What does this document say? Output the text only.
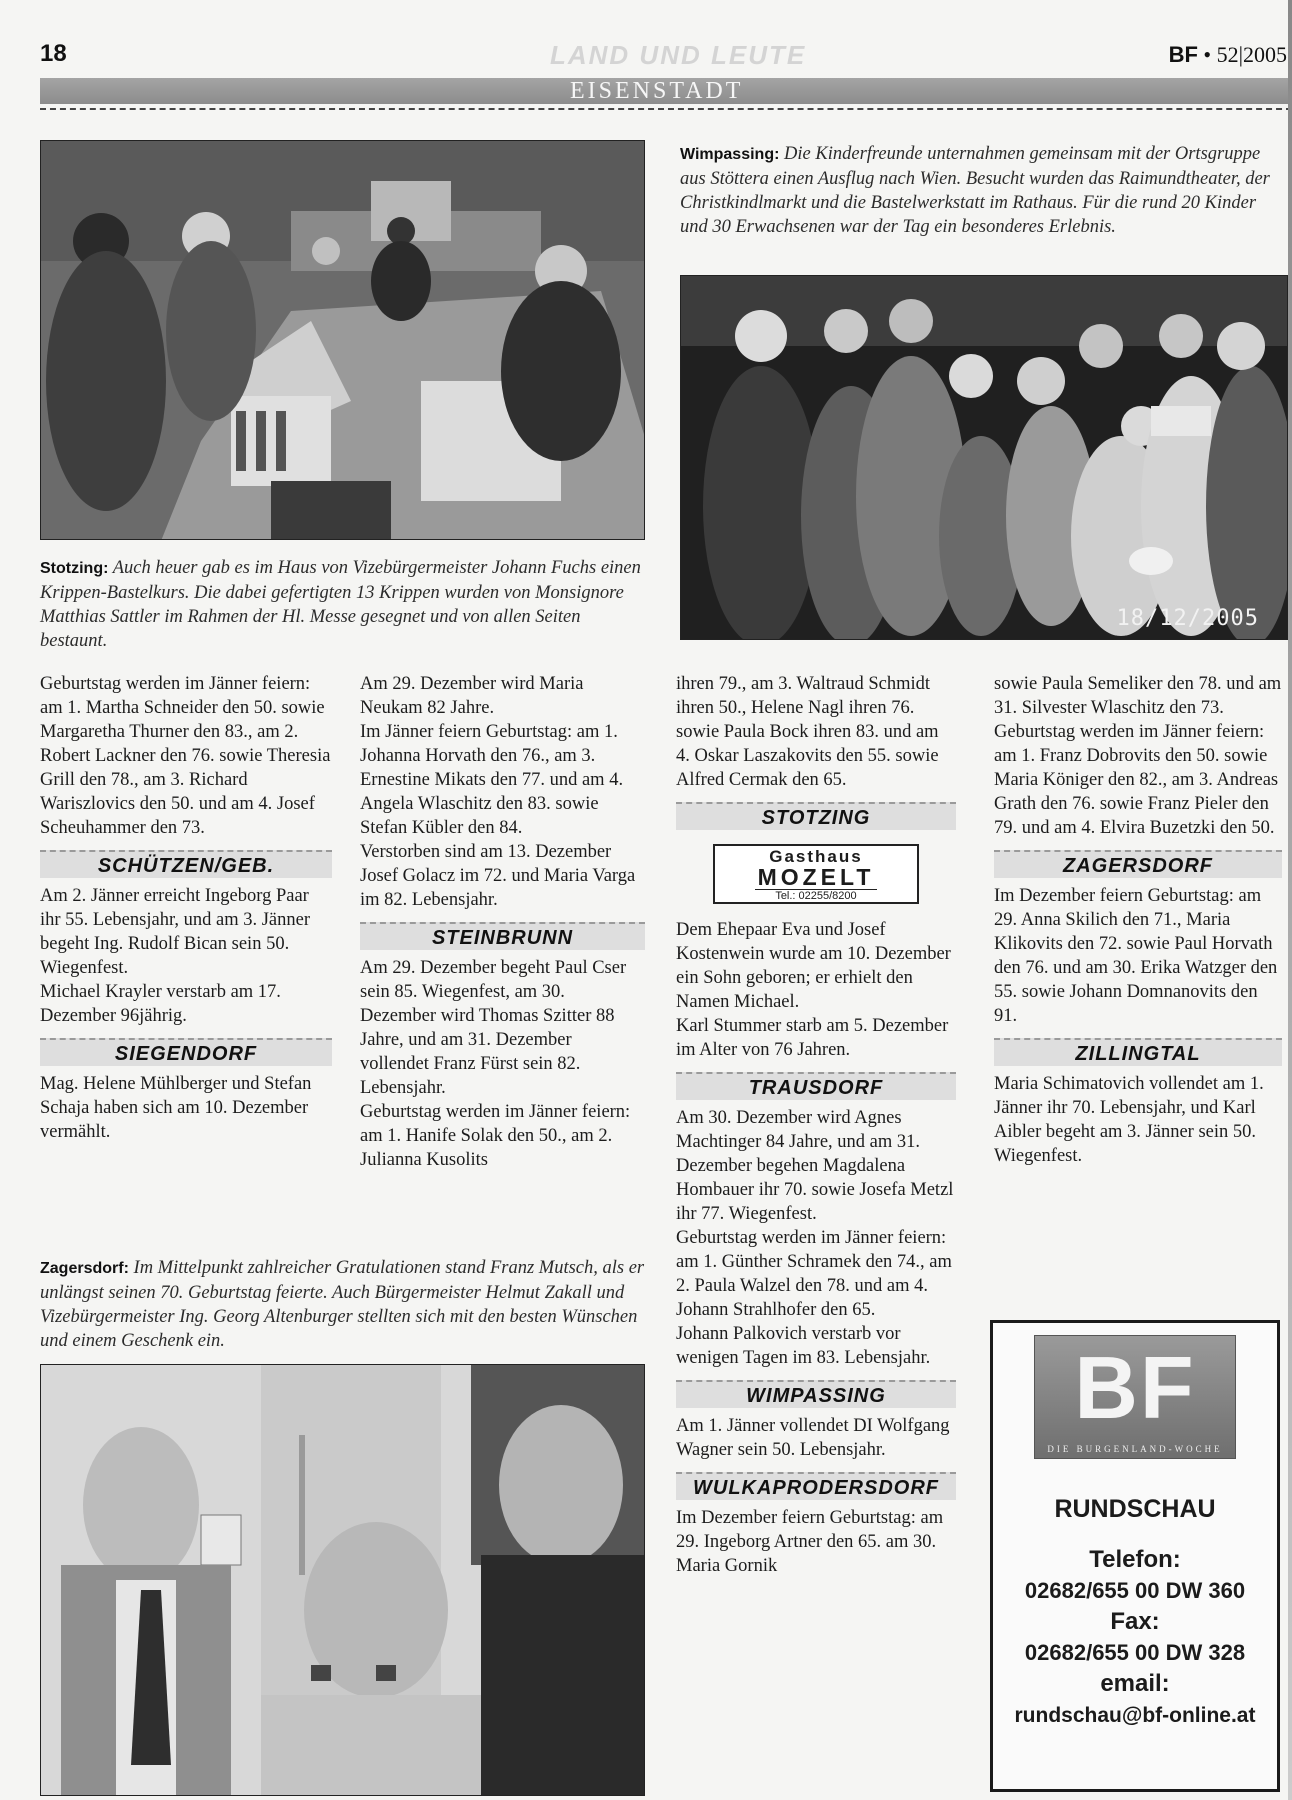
18	LAND UND LEUTE	BF • 52|2005
EISENSTADT
Wimpassing: Die Kinderfreunde unternahmen gemeinsam mit der Ortsgruppe aus Stöttera einen Ausflug nach Wien. Besucht wurden das Raimundtheater, der Christkindlmarkt und die Bastelwerkstatt im Rathaus. Für die rund 20 Kinder und 30 Erwachsenen war der Tag ein besonderes Erlebnis.
18/12/2005
Stotzing: Auch heuer gab es im Haus von Vizebürgermeister Johann Fuchs einen Krippen-Bastelkurs. Die dabei gefertigten 13 Krippen wurden von Monsignore Matthias Sattler im Rahmen der Hl. Messe gesegnet und von allen Seiten bestaunt.

Geburtstag werden im Jänner feiern: am 1. Martha Schneider den 50. sowie Margaretha Thurner den 83., am 2. Robert Lackner den 76. sowie Theresia Grill den 78., am 3. Richard Wariszlovics den 50. und am 4. Josef Scheuhammer den 73.

SCHÜTZEN/GEB.

Am 2. Jänner erreicht Ingeborg Paar ihr 55. Lebensjahr, und am 3. Jänner begeht Ing. Rudolf Bican sein 50. Wiegenfest.

Michael Krayler verstarb am 17. Dezember 96jährig.

SIEGENDORF

Mag. Helene Mühlberger und Stefan Schaja haben sich am 10. Dezember vermählt.

Am 29. Dezember wird Maria Neukam 82 Jahre.

Im Jänner feiern Geburtstag: am 1. Johanna Horvath den 76., am 3. Ernestine Mikats den 77. und am 4. Angela Wlaschitz den 83. sowie Stefan Kübler den 84.

Verstorben sind am 13. Dezember Josef Golacz im 72. und Maria Varga im 82. Lebensjahr.

STEINBRUNN

Am 29. Dezember begeht Paul Cser sein 85. Wiegenfest, am 30. Dezember wird Thomas Szitter 88 Jahre, und am 31. Dezember vollendet Franz Fürst sein 82. Lebensjahr.

Geburtstag werden im Jänner feiern: am 1. Hanife Solak den 50., am 2. Julianna Kusolits

Zagersdorf: Im Mittelpunkt zahlreicher Gratulationen stand Franz Mutsch, als er unlängst seinen 70. Geburtstag feierte. Auch Bürgermeister Helmut Zakall und Vizebürgermeister Ing. Georg Altenburger stellten sich mit den besten Wünschen und einem Geschenk ein.

ihren 79., am 3. Waltraud Schmidt ihren 50., Helene Nagl ihren 76. sowie Paula Bock ihren 83. und am 4. Oskar Laszakovits den 55. sowie Alfred Cermak den 65.

STOTZING
Gasthaus
MOZELT
Tel.: 02255/8200

Dem Ehepaar Eva und Josef Kostenwein wurde am 10. Dezember ein Sohn geboren; er erhielt den Namen Michael.

Karl Stummer starb am 5. Dezember im Alter von 76 Jahren.

TRAUSDORF

Am 30. Dezember wird Agnes Machtinger 84 Jahre, und am 31. Dezember begehen Magdalena Hombauer ihr 70. sowie Josefa Metzl ihr 77. Wiegenfest.

Geburtstag werden im Jänner feiern: am 1. Günther Schramek den 74., am 2. Paula Walzel den 78. und am 4. Johann Strahlhofer den 65.

Johann Palkovich verstarb vor wenigen Tagen im 83. Lebensjahr.

WIMPASSING

Am 1. Jänner vollendet DI Wolfgang Wagner sein 50. Lebensjahr.

WULKAPRODERSDORF

Im Dezember feiern Geburtstag: am 29. Ingeborg Artner den 65. am 30. Maria Gornik

sowie Paula Semeliker den 78. und am 31. Silvester Wlaschitz den 73.

Geburtstag werden im Jänner feiern: am 1. Franz Dobrovits den 50. sowie Maria Königer den 82., am 3. Andreas Grath den 76. sowie Franz Pieler den 79. und am 4. Elvira Buzetzki den 50.

ZAGERSDORF

Im Dezember feiern Geburtstag: am 29. Anna Skilich den 71., Maria Klikovits den 72. sowie Paul Horvath den 76. und am 30. Erika Watzger den 55. sowie Johann Domnanovits den 91.

ZILLINGTAL

Maria Schimatovich vollendet am 1. Jänner ihr 70. Lebensjahr, und Karl Aibler begeht am 3. Jänner sein 50. Wiegenfest.

BF
DIE BURGENLAND-WOCHE
RUNDSCHAU
Telefon:
02682/655 00 DW 360
Fax:
02682/655 00 DW 328
email:
rundschau@bf-online.at
